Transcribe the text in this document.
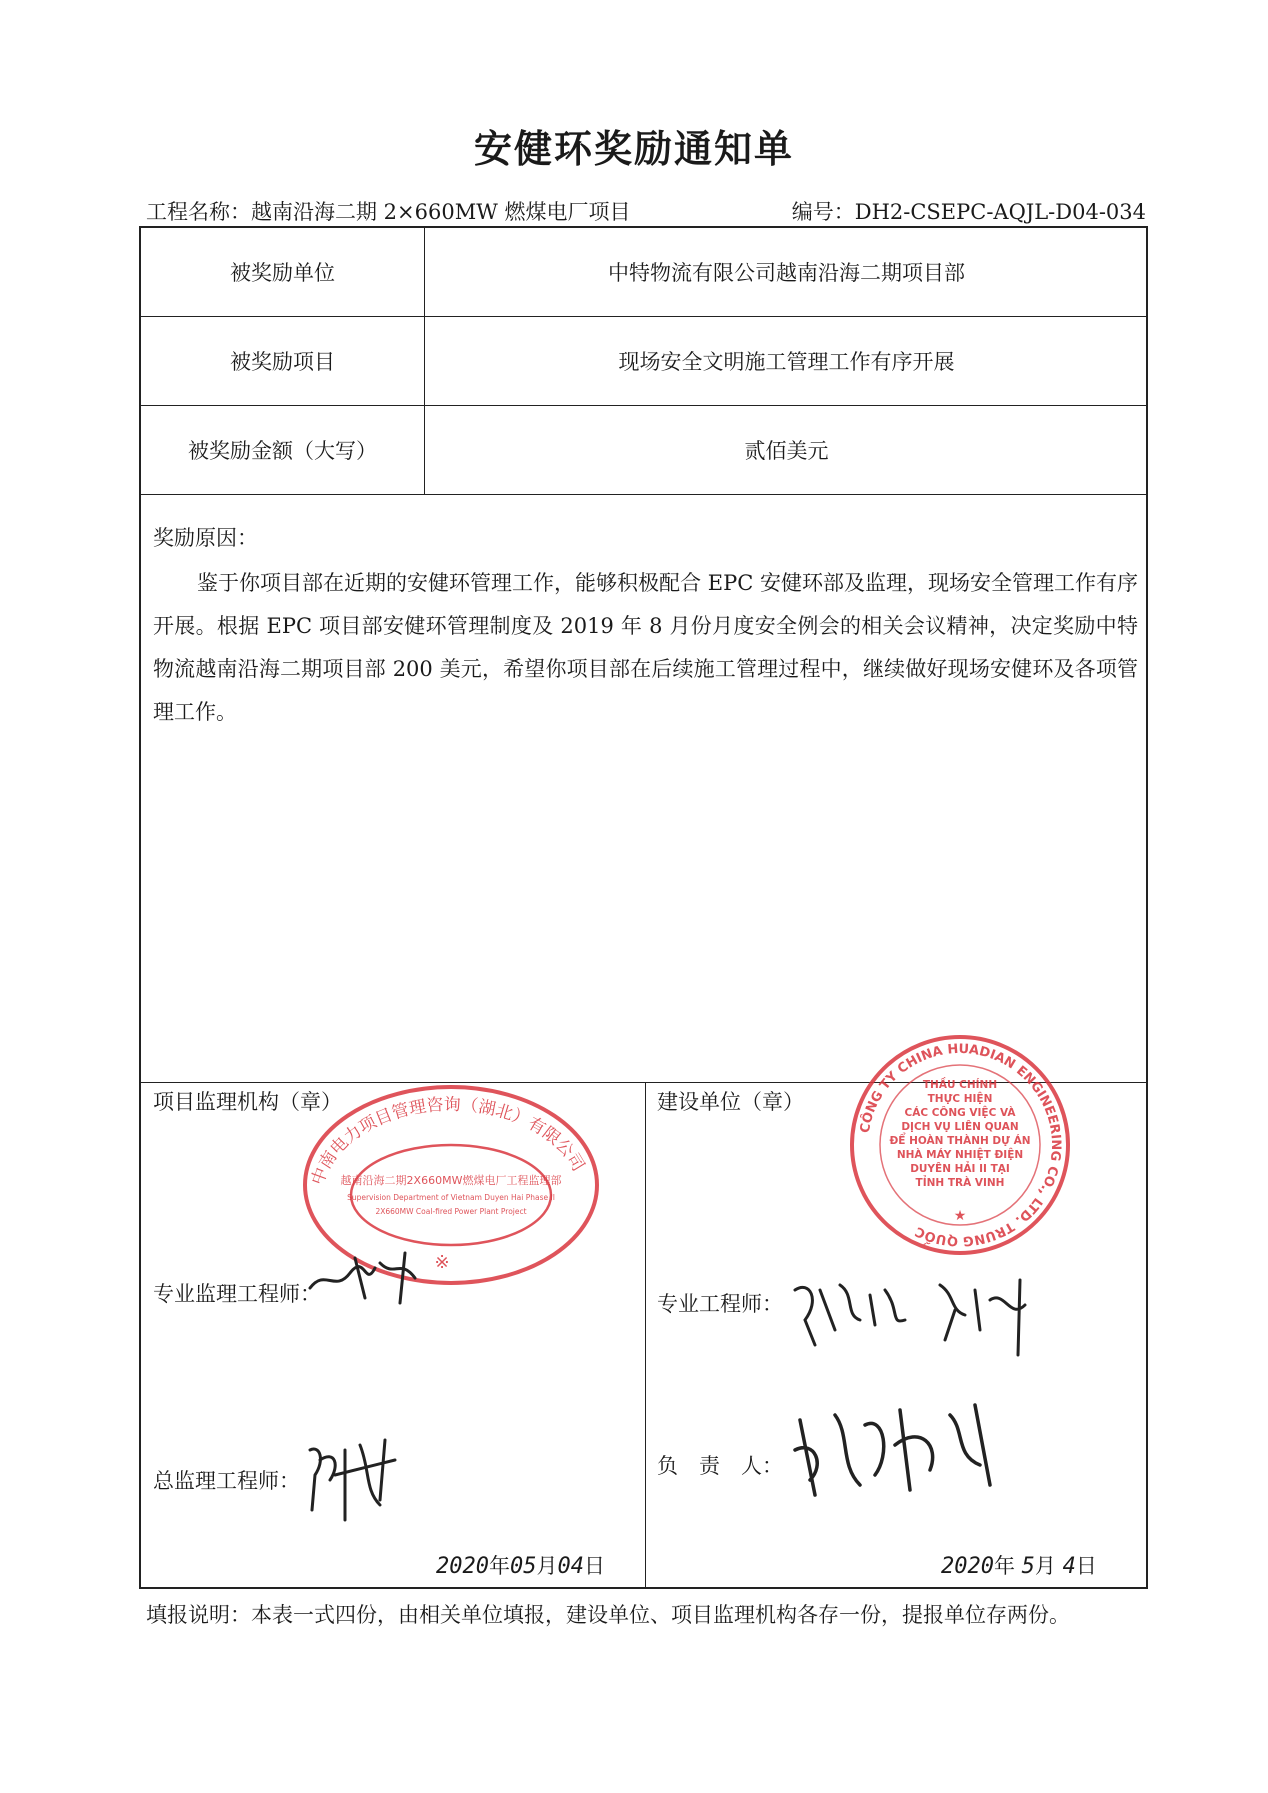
安健环奖励通知单
工程名称：越南沿海二期 2×660MW 燃煤电厂项目	编号：DH2-CSEPC-AQJL-D04-034
被奖励单位	中特物流有限公司越南沿海二期项目部
被奖励项目	现场安全文明施工管理工作有序开展
被奖励金额（大写）	贰佰美元
奖励原因：
鉴于你项目部在近期的安健环管理工作，能够积极配合 EPC 安健环部及监理，现场安全管理工作有序开展。根据 EPC 项目部安健环管理制度及 2019 年 8 月份月度安全例会的相关会议精神，决定奖励中特物流越南沿海二期项目部 200 美元，希望你项目部在后续施工管理过程中，继续做好现场安健环及各项管理工作。
项目监理机构（章）
专业监理工程师：
总监理工程师：
2020年05月04日
建设单位（章）
专业工程师：
负　责　人：
2020年 5月 4日
中南电力项目管理咨询（湖北）有限公司
越南沿海二期2X660MW燃煤电厂工程监理部
Supervision Department of Vietnam Duyen Hai Phase II
2X660MW Coal-fired Power Plant Project
※
CÔNG TY CHINA HUADIAN ENGINEERING CO., LTD. TRUNG QUỐC
THẦU CHÍNH
THỰC HIỆN
CÁC CÔNG VIỆC VÀ
DỊCH VỤ LIÊN QUAN
ĐỂ HOÀN THÀNH DỰ ÁN
NHÀ MÁY NHIỆT ĐIỆN
DUYÊN HẢI II TẠI
TỈNH TRÀ VINH
★
填报说明：本表一式四份，由相关单位填报，建设单位、项目监理机构各存一份，提报单位存两份。
